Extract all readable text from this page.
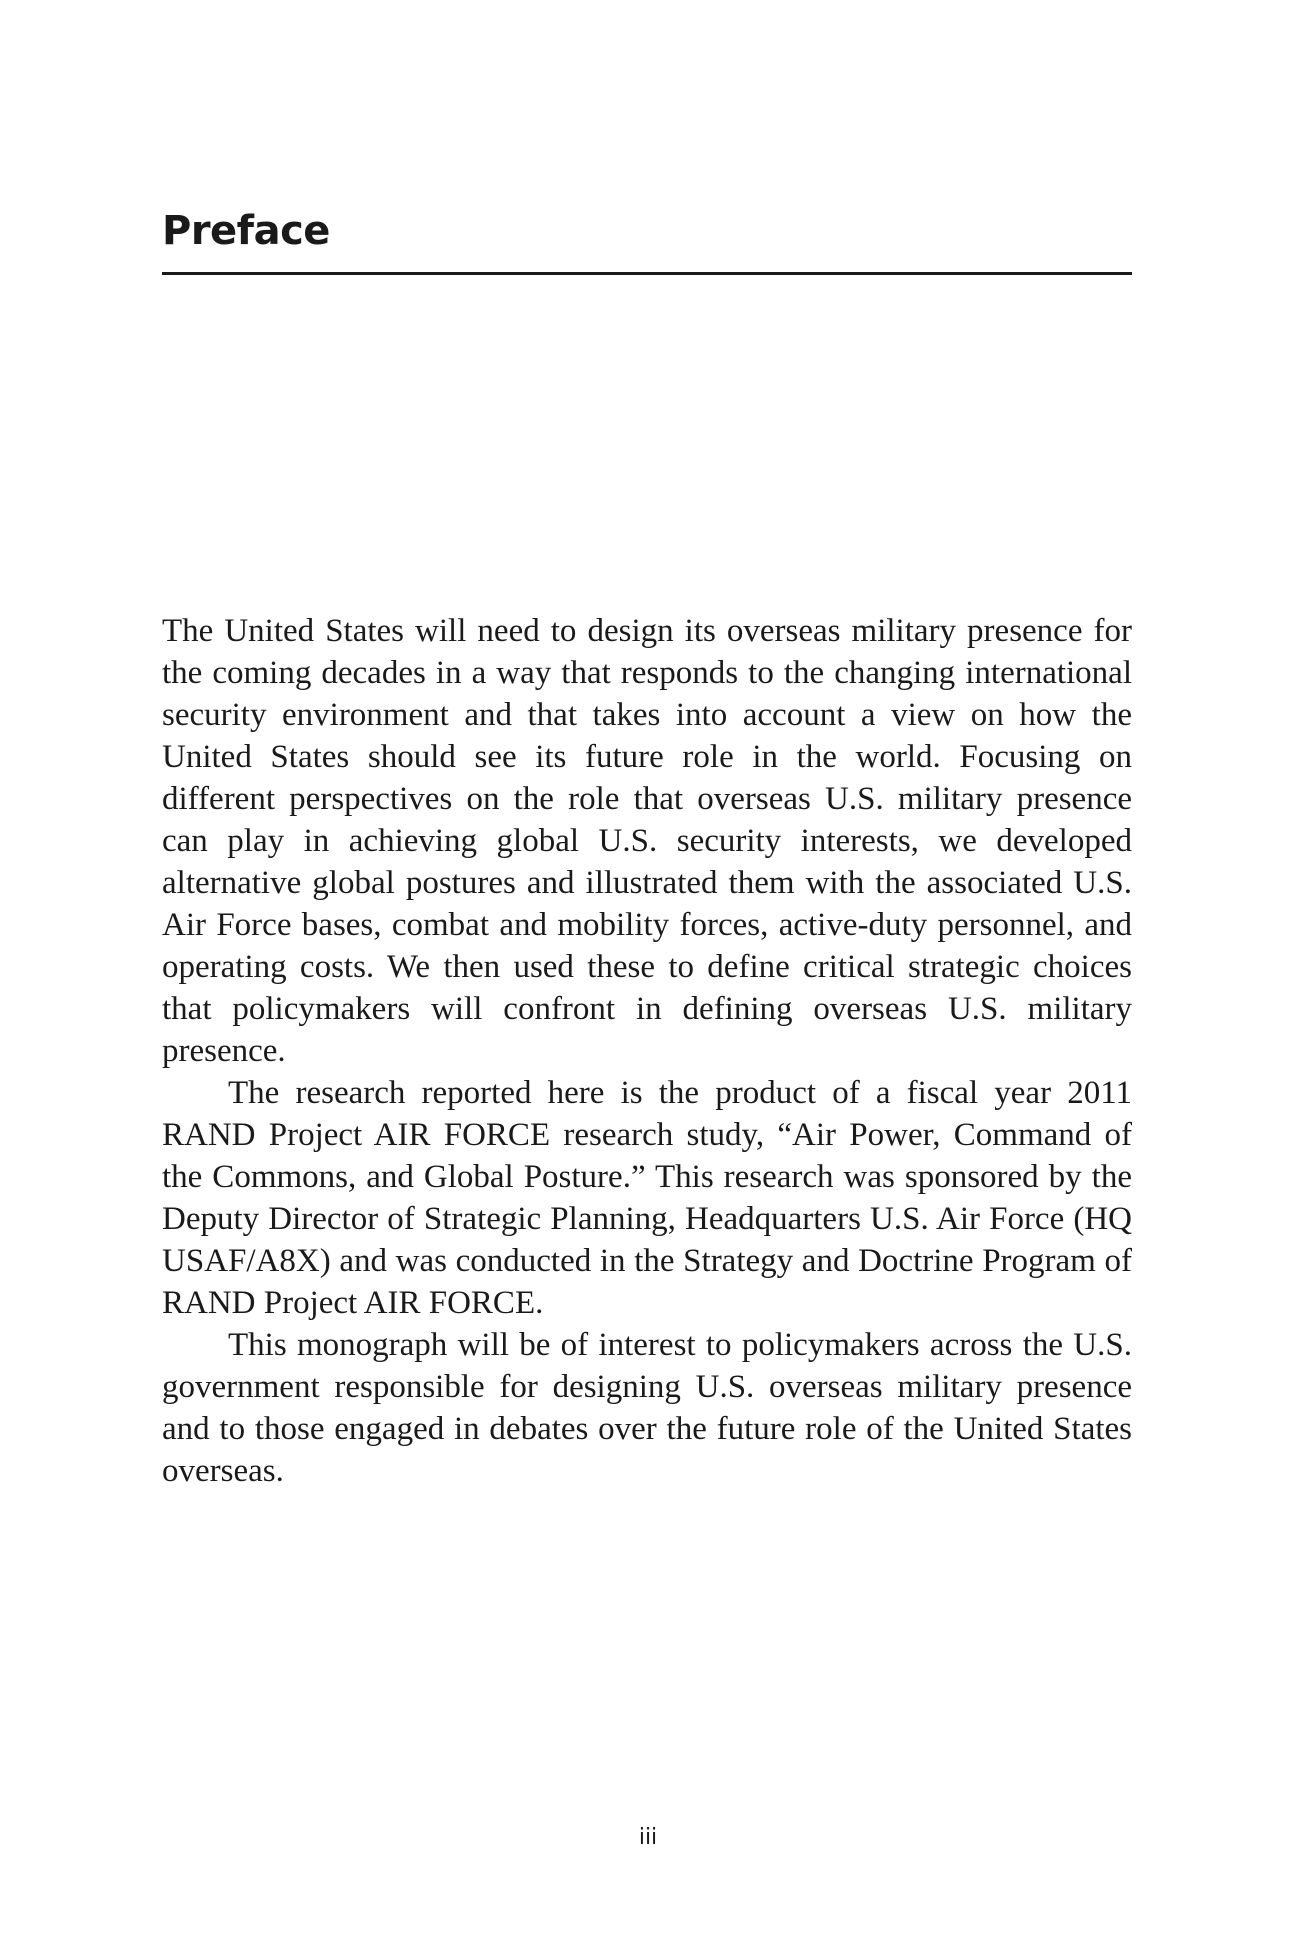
Preface

The United States will need to design its overseas military presence for the coming decades in a way that responds to the changing international security environment and that takes into account a view on how the United States should see its future role in the world. Focusing on different perspectives on the role that overseas U.S. military presence can play in achieving global U.S. security interests, we developed alternative global postures and illustrated them with the associated U.S. Air Force bases, combat and mobility forces, active-duty personnel, and operating costs. We then used these to define critical strategic choices that policymakers will confront in defining overseas U.S. military presence.

The research reported here is the product of a fiscal year 2011 RAND Project AIR FORCE research study, “Air Power, Command of the Commons, and Global Posture.” This research was sponsored by the Deputy Director of Strategic Planning, Headquarters U.S. Air Force (HQ USAF/A8X) and was conducted in the Strategy and Doctrine Program of RAND Project AIR FORCE.

This monograph will be of interest to policymakers across the U.S. government responsible for designing U.S. overseas military presence and to those engaged in debates over the future role of the United States overseas.

iii
